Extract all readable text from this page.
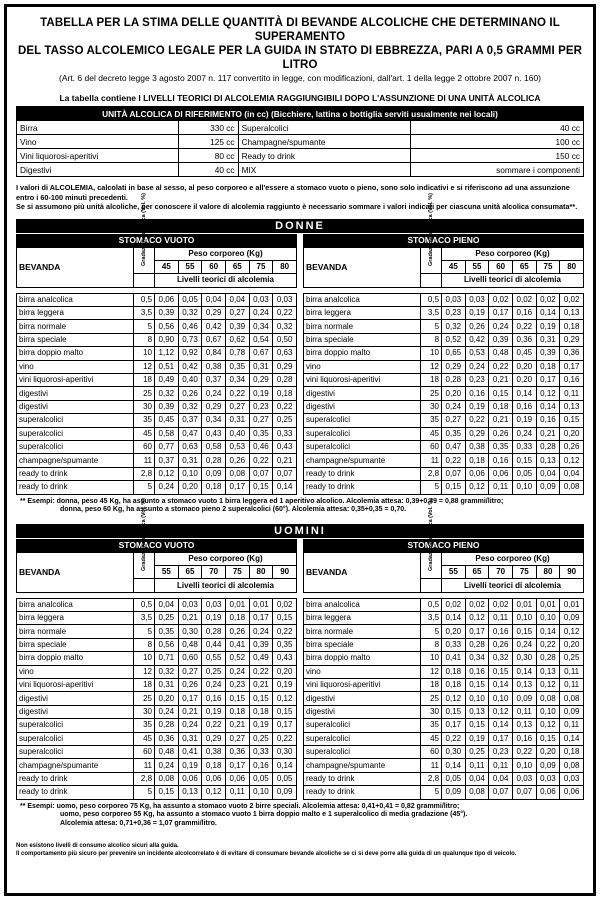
TABELLA PER LA STIMA DELLE QUANTITÀ DI BEVANDE ALCOLICHE CHE DETERMINANO IL SUPERAMENTO
DEL TASSO ALCOLEMICO LEGALE PER LA GUIDA IN STATO DI EBBREZZA, PARI A 0,5 GRAMMI PER LITRO
(Art. 6 del decreto legge 3 agosto 2007 n. 117 convertito in legge, con modificazioni, dall'art. 1 della legge 2 ottobre 2007 n. 160)
La tabella contiene I LIVELLI TEORICI DI ALCOLEMIA RAGGIUNGIBILI DOPO L'ASSUNZIONE DI UNA UNITÀ ALCOLICA
UNITÀ ALCOLICA DI RIFERIMENTO (in cc) (Bicchiere, lattina o bottiglia serviti usualmente nei locali)			
Birra	330 cc	Superalcolici	40 cc
Vino	125 cc	Champagne/spumante	100 cc
Vini liquorosi-aperitivi	80 cc	Ready to drink	150 cc
Digestivi	40 cc	MIX	sommare i componenti
I valori di ALCOLEMIA, calcolati in base al sesso, al peso corporeo e all'essere a stomaco vuoto o pieno, sono solo indicativi e si riferiscono ad una assunzione entro i 60-100 minuti precedenti.
Se si assumono più unità alcoliche, per conoscere il valore di alcolemia raggiunto è necessario sommare i valori indicati per ciascuna unità alcolica consumata**.
DONNE
STOMACO VUOTO
BEVANDA		Peso corporeo (Kg)					
		45	55	60	65	75	80
		Livelli teorici di alcolemia					

birra analcolica	0,5	0,06	0,05	0,04	0,04	0,03	0,03
birra leggera	3,5	0,39	0,32	0,29	0,27	0,24	0,22
birra normale	5	0,56	0,46	0,42	0,39	0,34	0,32
birra speciale	8	0,90	0,73	0,67	0,62	0,54	0,50
birra doppio malto	10	1,12	0,92	0,84	0,78	0,67	0,63
vino	12	0,51	0,42	0,38	0,35	0,31	0,29
vini liquorosi-aperitivi	18	0,49	0,40	0,37	0,34	0,29	0,28
digestivi	25	0,32	0,26	0,24	0,22	0,19	0,18
digestivi	30	0,39	0,32	0,29	0,27	0,23	0,22
superalcolici	35	0,45	0,37	0,34	0,31	0,27	0,25
superalcolici	45	0,58	0,47	0,43	0,40	0,35	0,33
superalcolici	60	0,77	0,63	0,58	0,53	0,46	0,43
champagne/spumante	11	0,37	0,31	0,28	0,26	0,22	0,21
ready to drink	2,8	0,12	0,10	0,09	0,08	0,07	0,07
ready to drink	5	0,24	0,20	0,18	0,17	0,15	0,14
STOMACO PIENO
BEVANDA		Peso corporeo (Kg)					
		45	55	60	65	75	80
		Livelli teorici di alcolemia					

birra analcolica	0,5	0,03	0,03	0,02	0,02	0,02	0,02
birra leggera	3,5	0,23	0,19	0,17	0,16	0,14	0,13
birra normale	5	0,32	0,26	0,24	0,22	0,19	0,18
birra speciale	8	0,52	0,42	0,39	0,36	0,31	0,29
birra doppio malto	10	0,65	0,53	0,48	0,45	0,39	0,36
vino	12	0,29	0,24	0,22	0,20	0,18	0,17
vini liquorosi-aperitivi	18	0,28	0,23	0,21	0,20	0,17	0,16
digestivi	25	0,20	0,16	0,15	0,14	0,12	0,11
digestivi	30	0,24	0,19	0,18	0,16	0,14	0,13
superalcolici	35	0,27	0,22	0,21	0,19	0,16	0,15
superalcolici	45	0,35	0,29	0,26	0,24	0,21	0,20
superalcolici	60	0,47	0,38	0,35	0,33	0,28	0,26
champagne/spumante	11	0,22	0,18	0,16	0,15	0,13	0,12
ready to drink	2,8	0,07	0,06	0,06	0,05	0,04	0,04
ready to drink	5	0,15	0,12	0,11	0,10	0,09	0,08
** Esempi: donna, peso 45 Kg, ha assunto a stomaco vuoto 1 birra leggera ed 1 aperitivo alcolico. Alcolemia attesa: 0,39+0,49 = 0,88 grammi/litro;
donna, peso 60 Kg, ha assunto a stomaco pieno 2 superalcolici (60°). Alcolemia attesa: 0,35+0,35 = 0,70.
UOMINI
STOMACO VUOTO
BEVANDA		Peso corporeo (Kg)					
		55	65	70	75	80	90
		Livelli teorici di alcolemia					

birra analcolica	0,5	0,04	0,03	0,03	0,01	0,01	0,02
birra leggera	3,5	0,25	0,21	0,19	0,18	0,17	0,15
birra normale	5	0,35	0,30	0,28	0,26	0,24	0,22
birra speciale	8	0,56	0,48	0,44	0,41	0,39	0,35
birra doppio malto	10	0,71	0,60	0,55	0,52	0,49	0,43
vino	12	0,32	0,27	0,25	0,24	0,22	0,20
vini liquorosi-aperitivi	18	0,31	0,26	0,24	0,23	0,21	0,19
digestivi	25	0,20	0,17	0,16	0,15	0,15	0,12
digestivi	30	0,24	0,21	0,19	0,18	0,18	0,15
superalcolici	35	0,28	0,24	0,22	0,21	0,19	0,17
superalcolici	45	0,36	0,31	0,29	0,27	0,25	0,22
superalcolici	60	0,48	0,41	0,38	0,36	0,33	0,30
champagne/spumante	11	0,24	0,19	0,18	0,17	0,16	0,14
ready to drink	2,8	0,08	0,06	0,06	0,06	0,05	0,05
ready to drink	5	0,15	0,13	0,12	0,11	0,10	0,09
STOMACO PIENO
BEVANDA		Peso corporeo (Kg)					
		55	65	70	75	80	90
		Livelli teorici di alcolemia					

birra analcolica	0,5	0,02	0,02	0,02	0,01	0,01	0,01
birra leggera	3,5	0,14	0,12	0,11	0,10	0,10	0,09
birra normale	5	0,20	0,17	0,16	0,15	0,14	0,12
birra speciale	8	0,33	0,28	0,26	0,24	0,22	0,20
birra doppio malto	10	0,41	0,34	0,32	0,30	0,28	0,25
vino	12	0,18	0,16	0,15	0,14	0,13	0,11
vini liquorosi-aperitivi	18	0,18	0,15	0,14	0,13	0,12	0,11
digestivi	25	0,12	0,10	0,10	0,09	0,08	0,08
digestivi	30	0,15	0,13	0,12	0,11	0,10	0,09
superalcolici	35	0,17	0,15	0,14	0,13	0,12	0,11
superalcolici	45	0,22	0,19	0,17	0,16	0,15	0,14
superalcolici	60	0,30	0,25	0,23	0,22	0,20	0,18
champagne/spumante	11	0,14	0,11	0,11	0,10	0,09	0,08
ready to drink	2,8	0,05	0,04	0,04	0,03	0,03	0,03
ready to drink	5	0,09	0,08	0,07	0,07	0,06	0,06
** Esempi: uomo, peso corporeo 75 Kg, ha assunto a stomaco vuoto 2 birre speciali. Alcolemia attesa: 0,41+0,41 = 0,82 grammi/litro;
uomo, peso corporeo 55 Kg, ha assunto a stomaco vuoto 1 birra doppio malto e 1 superalcolico di media gradazione (45°).
Alcolemia attesa: 0,71+0,36 = 1,07 grammi/litro.
Non esistono livelli di consumo alcolico sicuri alla guida.
Il comportamento più sicuro per prevenire un incidente alcolcorrelato è di evitare di consumare bevande alcoliche se ci si deve porre alla guida di un qualunque tipo di veicolo.
